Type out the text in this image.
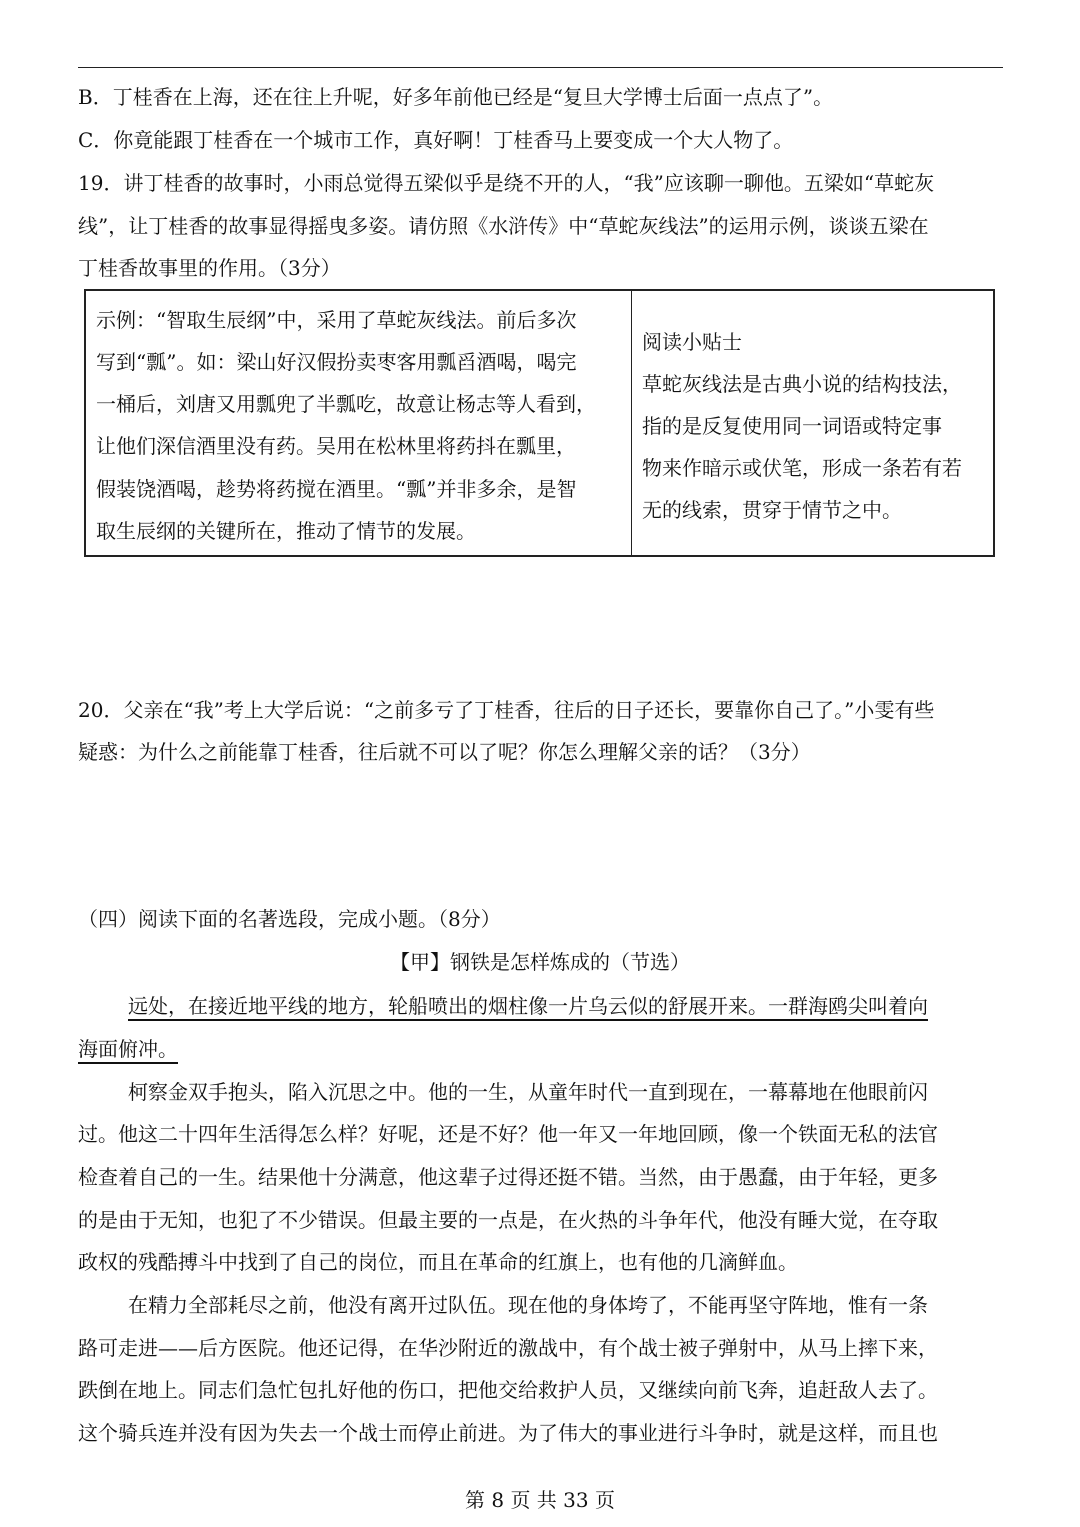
B．丁桂香在上海，还在往上升呢，好多年前他已经是“复旦大学博士后面一点点了”。
C．你竟能跟丁桂香在一个城市工作，真好啊！丁桂香马上要变成一个大人物了。
19．讲丁桂香的故事时，小雨总觉得五梁似乎是绕不开的人，“我”应该聊一聊他。五梁如“草蛇灰
线”，让丁桂香的故事显得摇曳多姿。请仿照《水浒传》中“草蛇灰线法”的运用示例，谈谈五梁在
丁桂香故事里的作用。（3分）
示例：“智取生辰纲”中，采用了草蛇灰线法。前后多次
写到“瓢”。如：梁山好汉假扮卖枣客用瓢舀酒喝，喝完
一桶后，刘唐又用瓢兜了半瓢吃，故意让杨志等人看到，
让他们深信酒里没有药。吴用在松林里将药抖在瓢里，
假装饶酒喝，趁势将药搅在酒里。“瓢”并非多余，是智
取生辰纲的关键所在，推动了情节的发展。
阅读小贴士
草蛇灰线法是古典小说的结构技法，
指的是反复使用同一词语或特定事
物来作暗示或伏笔，形成一条若有若
无的线索，贯穿于情节之中。
20．父亲在“我”考上大学后说：“之前多亏了丁桂香，往后的日子还长，要靠你自己了。”小雯有些
疑惑：为什么之前能靠丁桂香，往后就不可以了呢？你怎么理解父亲的话？（3分）
（四）阅读下面的名著选段，完成小题。（8分）
【甲】钢铁是怎样炼成的（节选）
远处，在接近地平线的地方，轮船喷出的烟柱像一片乌云似的舒展开来。一群海鸥尖叫着向
海面俯冲。
柯察金双手抱头，陷入沉思之中。他的一生，从童年时代一直到现在，一幕幕地在他眼前闪
过。他这二十四年生活得怎么样？好呢，还是不好？他一年又一年地回顾，像一个铁面无私的法官
检查着自己的一生。结果他十分满意，他这辈子过得还挺不错。当然，由于愚蠢，由于年轻，更多
的是由于无知，也犯了不少错误。但最主要的一点是，在火热的斗争年代，他没有睡大觉，在夺取
政权的残酷搏斗中找到了自己的岗位，而且在革命的红旗上，也有他的几滴鲜血。
在精力全部耗尽之前，他没有离开过队伍。现在他的身体垮了，不能再坚守阵地，惟有一条
路可走进——后方医院。他还记得，在华沙附近的激战中，有个战士被子弹射中，从马上摔下来，
跌倒在地上。同志们急忙包扎好他的伤口，把他交给救护人员，又继续向前飞奔，追赶敌人去了。
这个骑兵连并没有因为失去一个战士而停止前进。为了伟大的事业进行斗争时，就是这样，而且也
第 8 页 共 33 页
